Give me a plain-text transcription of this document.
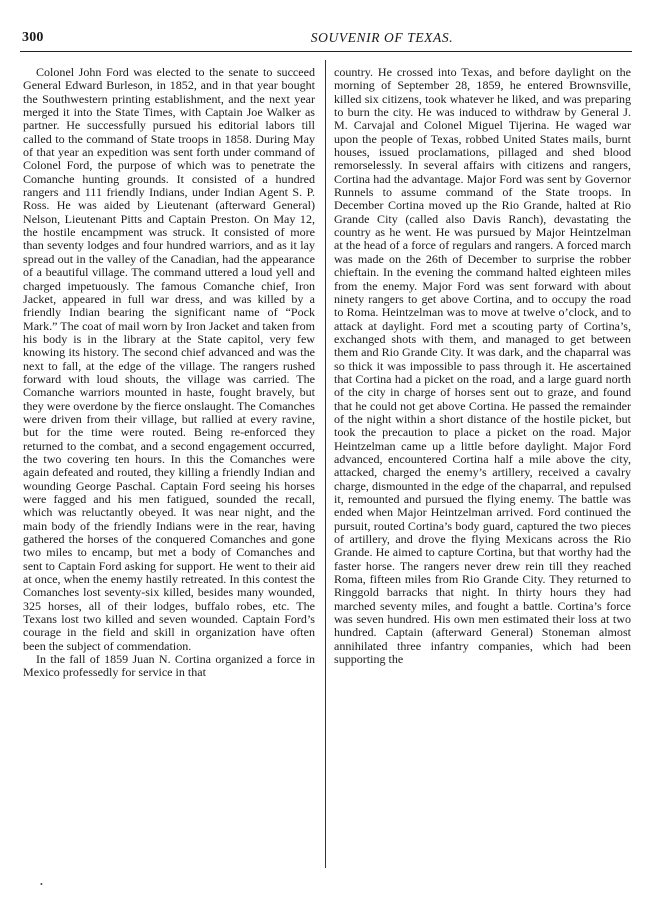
300	SOUVENIR OF TEXAS.

Colonel John Ford was elected to the senate to succeed General Edward Burleson, in 1852, and in that year bought the Southwestern printing establishment, and the next year merged it into the State Times, with Captain Joe Walker as partner. He successfully pursued his editorial labors till called to the command of State troops in 1858. During May of that year an expedition was sent forth under command of Colonel Ford, the purpose of which was to penetrate the Comanche hunting grounds. It consisted of a hundred rangers and 111 friendly Indians, under Indian Agent S. P. Ross. He was aided by Lieutenant (afterward General) Nelson, Lieutenant Pitts and Captain Preston. On May 12, the hostile encampment was struck. It consisted of more than seventy lodges and four hundred warriors, and as it lay spread out in the valley of the Canadian, had the appearance of a beautiful village. The command uttered a loud yell and charged impetuously. The famous Comanche chief, Iron Jacket, appeared in full war dress, and was killed by a friendly Indian bearing the significant name of “Pock Mark.” The coat of mail worn by Iron Jacket and taken from his body is in the library at the State capitol, very few knowing its history. The second chief advanced and was the next to fall, at the edge of the village. The rangers rushed forward with loud shouts, the village was carried. The Comanche warriors mounted in haste, fought bravely, but they were overdone by the fierce onslaught. The Comanches were driven from their village, but rallied at every ravine, but for the time were routed. Being re-enforced they returned to the combat, and a second engagement occurred, the two covering ten hours. In this the Comanches were again defeated and routed, they killing a friendly Indian and wounding George Paschal. Captain Ford seeing his horses were fagged and his men fatigued, sounded the recall, which was reluctantly obeyed. It was near night, and the main body of the friendly Indians were in the rear, having gathered the horses of the conquered Comanches and gone two miles to encamp, but met a body of Comanches and sent to Captain Ford asking for support. He went to their aid at once, when the enemy hastily retreated. In this contest the Comanches lost seventy-six killed, besides many wounded, 325 horses, all of their lodges, buffalo robes, etc. The Texans lost two killed and seven wounded. Captain Ford’s courage in the field and skill in organization have often been the subject of commendation.

In the fall of 1859 Juan N. Cortina organized a force in Mexico professedly for service in that

country. He crossed into Texas, and before daylight on the morning of September 28, 1859, he entered Brownsville, killed six citizens, took whatever he liked, and was preparing to burn the city. He was induced to withdraw by General J. M. Carvajal and Colonel Miguel Tijerina. He waged war upon the people of Texas, robbed United States mails, burnt houses, issued proclamations, pillaged and shed blood remorselessly. In several affairs with citizens and rangers, Cortina had the advantage. Major Ford was sent by Governor Runnels to assume command of the State troops. In December Cortina moved up the Rio Grande, halted at Rio Grande City (called also Davis Ranch), devastating the country as he went. He was pursued by Major Heintzelman at the head of a force of regulars and rangers. A forced march was made on the 26th of December to surprise the robber chieftain. In the evening the command halted eighteen miles from the enemy. Major Ford was sent forward with about ninety rangers to get above Cortina, and to occupy the road to Roma. Heintzelman was to move at twelve o’clock, and to attack at daylight. Ford met a scouting party of Cortina’s, exchanged shots with them, and managed to get between them and Rio Grande City. It was dark, and the chaparral was so thick it was impossible to pass through it. He ascertained that Cortina had a picket on the road, and a large guard north of the city in charge of horses sent out to graze, and found that he could not get above Cortina. He passed the remainder of the night within a short distance of the hostile picket, but took the precaution to place a picket on the road. Major Heintzelman came up a little before daylight. Major Ford advanced, encountered Cortina half a mile above the city, attacked, charged the enemy’s artillery, received a cavalry charge, dismounted in the edge of the chaparral, and repulsed it, remounted and pursued the flying enemy. The battle was ended when Major Heintzelman arrived. Ford continued the pursuit, routed Cortina’s body guard, captured the two pieces of artillery, and drove the flying Mexicans across the Rio Grande. He aimed to capture Cortina, but that worthy had the faster horse. The rangers never drew rein till they reached Roma, fifteen miles from Rio Grande City. They returned to Ringgold barracks that night. In thirty hours they had marched seventy miles, and fought a battle. Cortina’s force was seven hundred. His own men estimated their loss at two hundred. Captain (afterward General) Stoneman almost annihilated three infantry companies, which had been supporting the

•
